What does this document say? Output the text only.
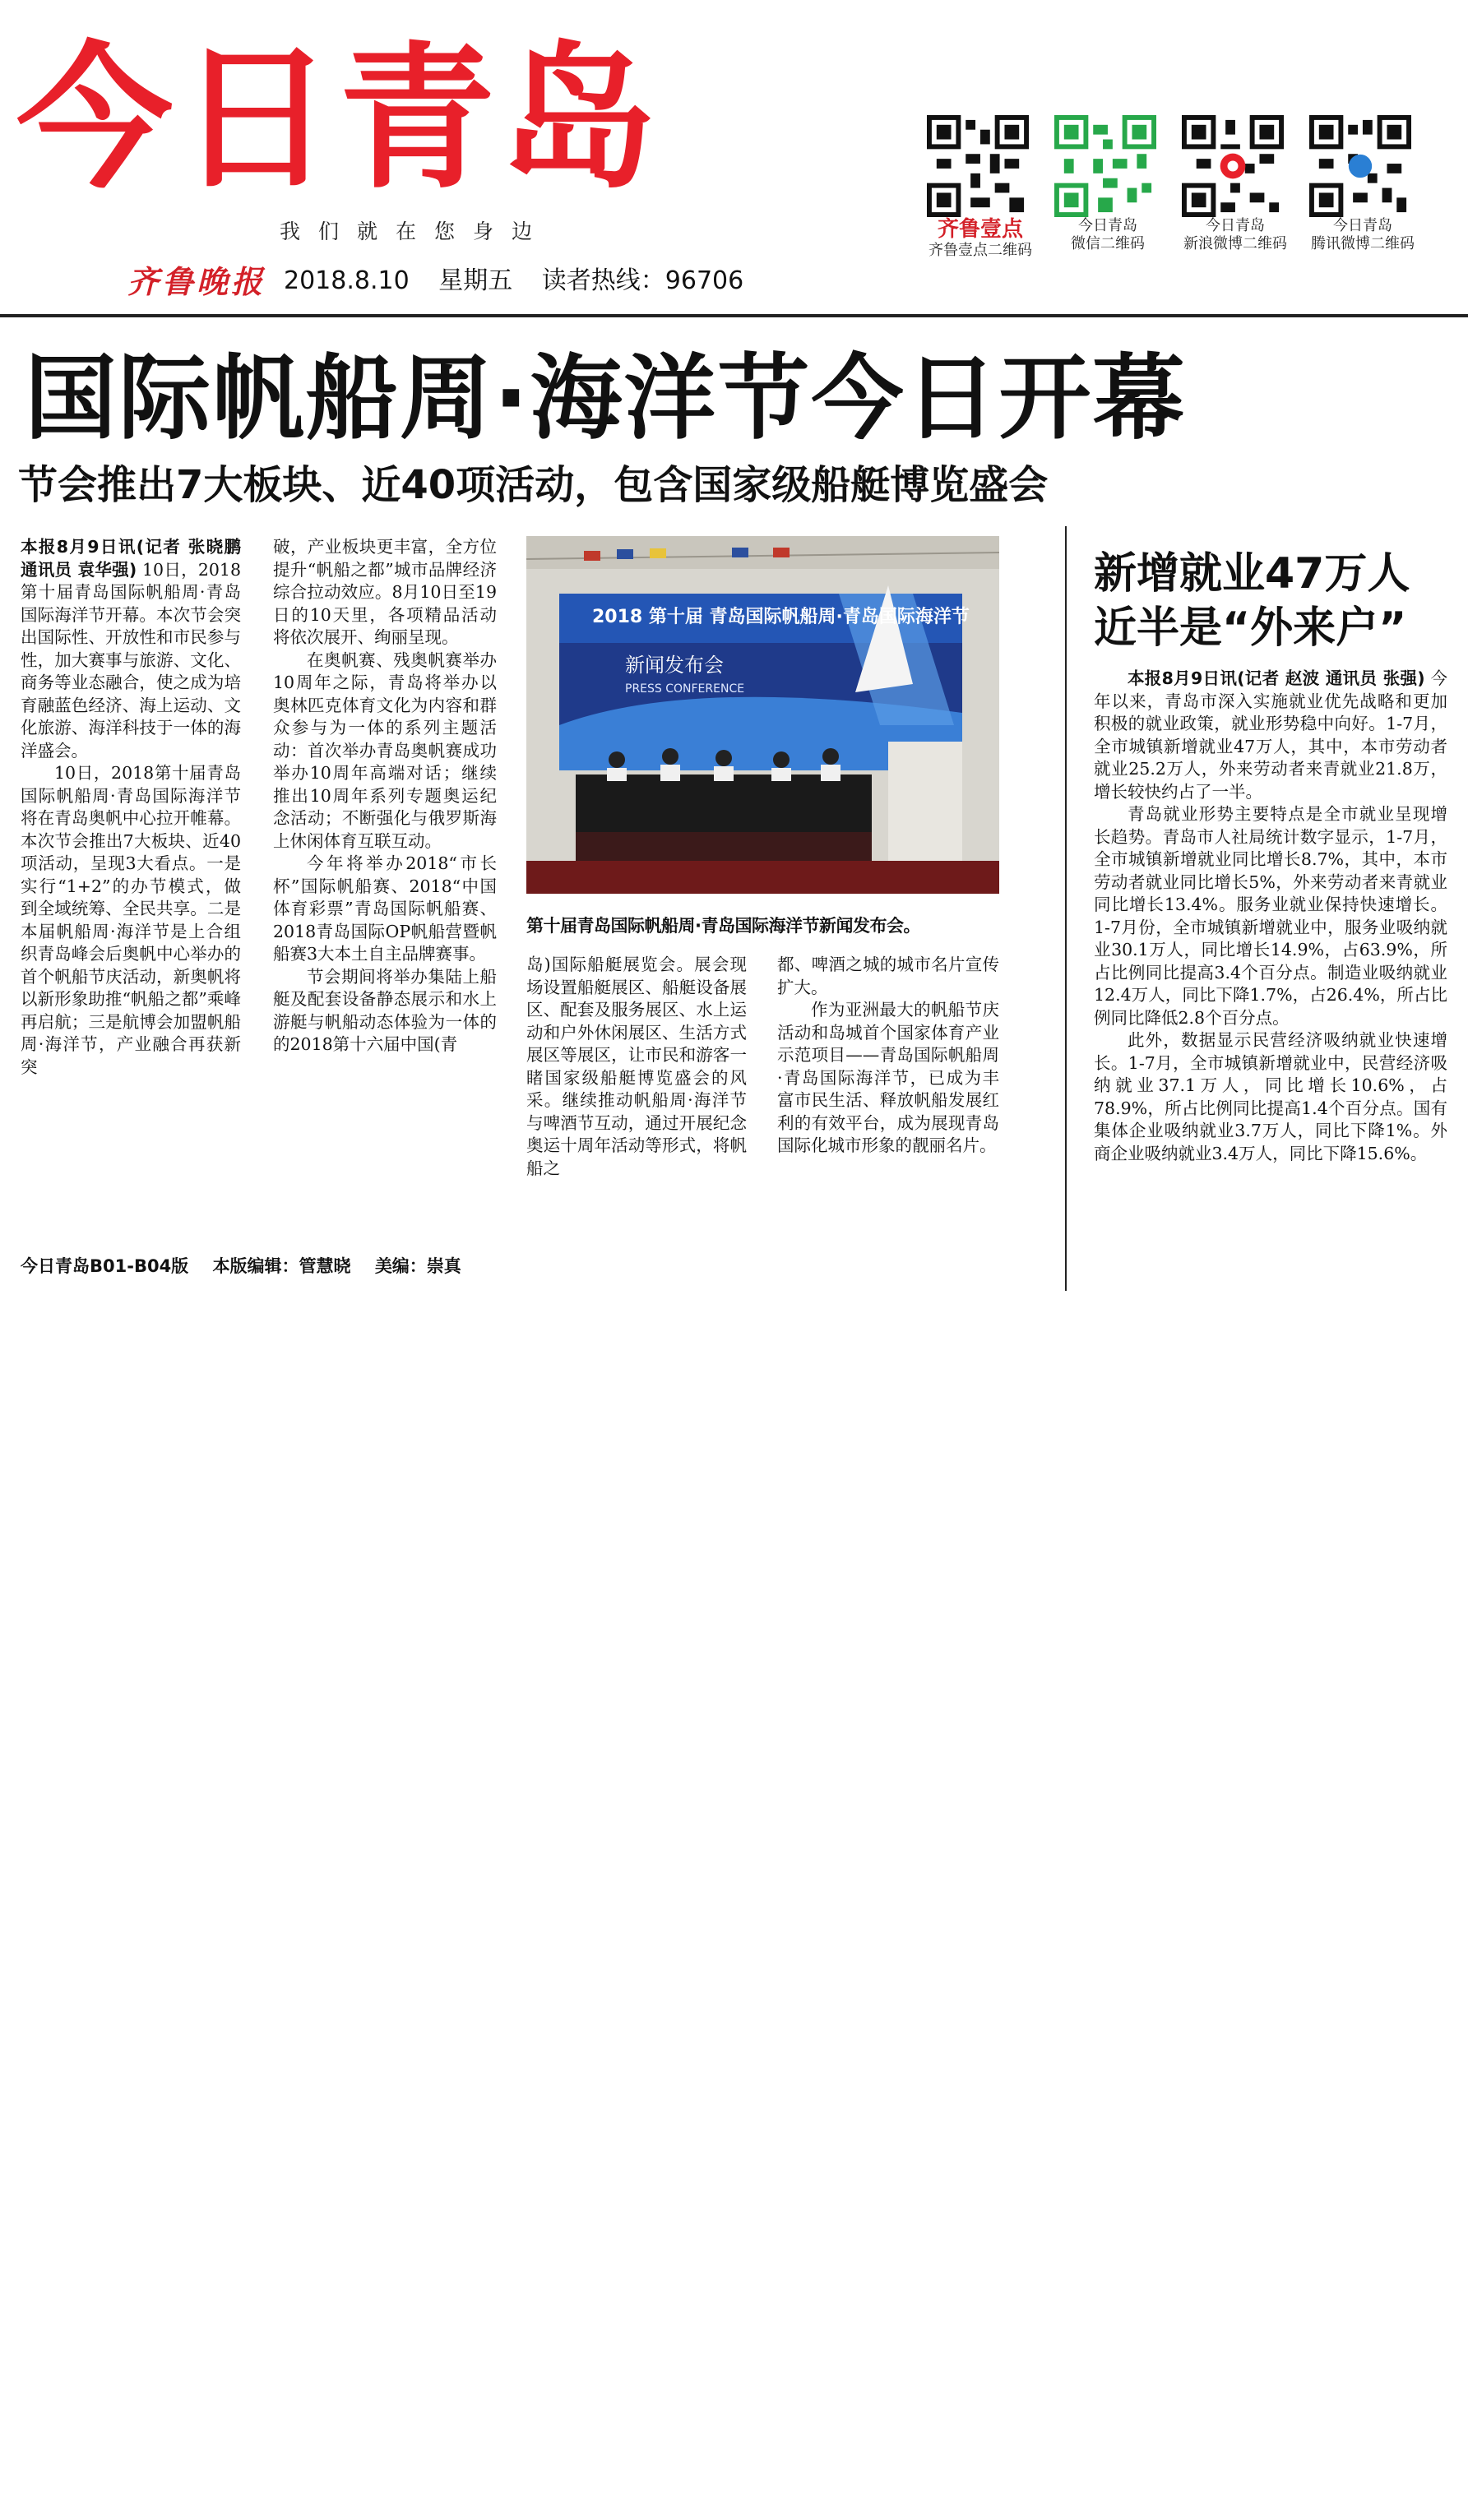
今日青岛
我们就在您身边
齐鲁晚报 2018.8.10 星期五 读者热线：96706
齐鲁壹点
齐鲁壹点二维码
今日青岛
微信二维码
今日青岛
新浪微博二维码
今日青岛
腾讯微博二维码
国际帆船周·海洋节今日开幕
节会推出7大板块、近40项活动，包含国家级船艇博览盛会

本报8月9日讯(记者 张晓鹏 通讯员 袁华强) 10日，2018第十届青岛国际帆船周·青岛国际海洋节开幕。本次节会突出国际性、开放性和市民参与性，加大赛事与旅游、文化、商务等业态融合，使之成为培育融蓝色经济、海上运动、文化旅游、海洋科技于一体的海洋盛会。

10日，2018第十届青岛国际帆船周·青岛国际海洋节将在青岛奥帆中心拉开帷幕。本次节会推出7大板块、近40项活动，呈现3大看点。一是实行“1+2”的办节模式，做到全域统筹、全民共享。二是本届帆船周·海洋节是上合组织青岛峰会后奥帆中心举办的首个帆船节庆活动，新奥帆将以新形象助推“帆船之都”乘峰再启航；三是航博会加盟帆船周·海洋节，产业融合再获新突

破，产业板块更丰富，全方位提升“帆船之都”城市品牌经济综合拉动效应。8月10日至19日的10天里，各项精品活动将依次展开、绚丽呈现。

在奥帆赛、残奥帆赛举办10周年之际，青岛将举办以奥林匹克体育文化为内容和群众参与为一体的系列主题活动：首次举办青岛奥帆赛成功举办10周年高端对话；继续推出10周年系列专题奥运纪念活动；不断强化与俄罗斯海上休闲体育互联互动。

今年将举办2018“市长杯”国际帆船赛、2018“中国体育彩票”青岛国际帆船赛、2018青岛国际OP帆船营暨帆船赛3大本土自主品牌赛事。

节会期间将举办集陆上船艇及配套设备静态展示和水上游艇与帆船动态体验为一体的的2018第十六届中国(青

2018 第十届 青岛国际帆船周·青岛国际海洋节
新闻发布会
PRESS CONFERENCE
第十届青岛国际帆船周·青岛国际海洋节新闻发布会。

岛)国际船艇展览会。展会现场设置船艇展区、船艇设备展区、配套及服务展区、水上运动和户外休闲展区、生活方式展区等展区，让市民和游客一睹国家级船艇博览盛会的风采。继续推动帆船周·海洋节与啤酒节互动，通过开展纪念奥运十周年活动等形式，将帆船之

都、啤酒之城的城市名片宣传扩大。

作为亚洲最大的帆船节庆活动和岛城首个国家体育产业示范项目——青岛国际帆船周·青岛国际海洋节，已成为丰富市民生活、释放帆船发展红利的有效平台，成为展现青岛国际化城市形象的靓丽名片。

新增就业47万人
近半是“外来户”

本报8月9日讯(记者 赵波 通讯员 张强) 今年以来，青岛市深入实施就业优先战略和更加积极的就业政策，就业形势稳中向好。1-7月，全市城镇新增就业47万人，其中，本市劳动者就业25.2万人，外来劳动者来青就业21.8万，增长较快约占了一半。

青岛就业形势主要特点是全市就业呈现增长趋势。青岛市人社局统计数字显示，1-7月，全市城镇新增就业同比增长8.7%，其中，本市劳动者就业同比增长5%，外来劳动者来青就业同比增长13.4%。服务业就业保持快速增长。1-7月份，全市城镇新增就业中，服务业吸纳就业30.1万人，同比增长14.9%，占63.9%，所占比例同比提高3.4个百分点。制造业吸纳就业12.4万人，同比下降1.7%，占26.4%，所占比例同比降低2.8个百分点。

此外，数据显示民营经济吸纳就业快速增长。1-7月，全市城镇新增就业中，民营经济吸纳就业37.1万人，同比增长10.6%，占78.9%，所占比例同比提高1.4个百分点。国有集体企业吸纳就业3.7万人，同比下降1%。外商企业吸纳就业3.4万人，同比下降15.6%。

今日青岛B01-B04版 本版编辑：管慧晓 美编：崇真
